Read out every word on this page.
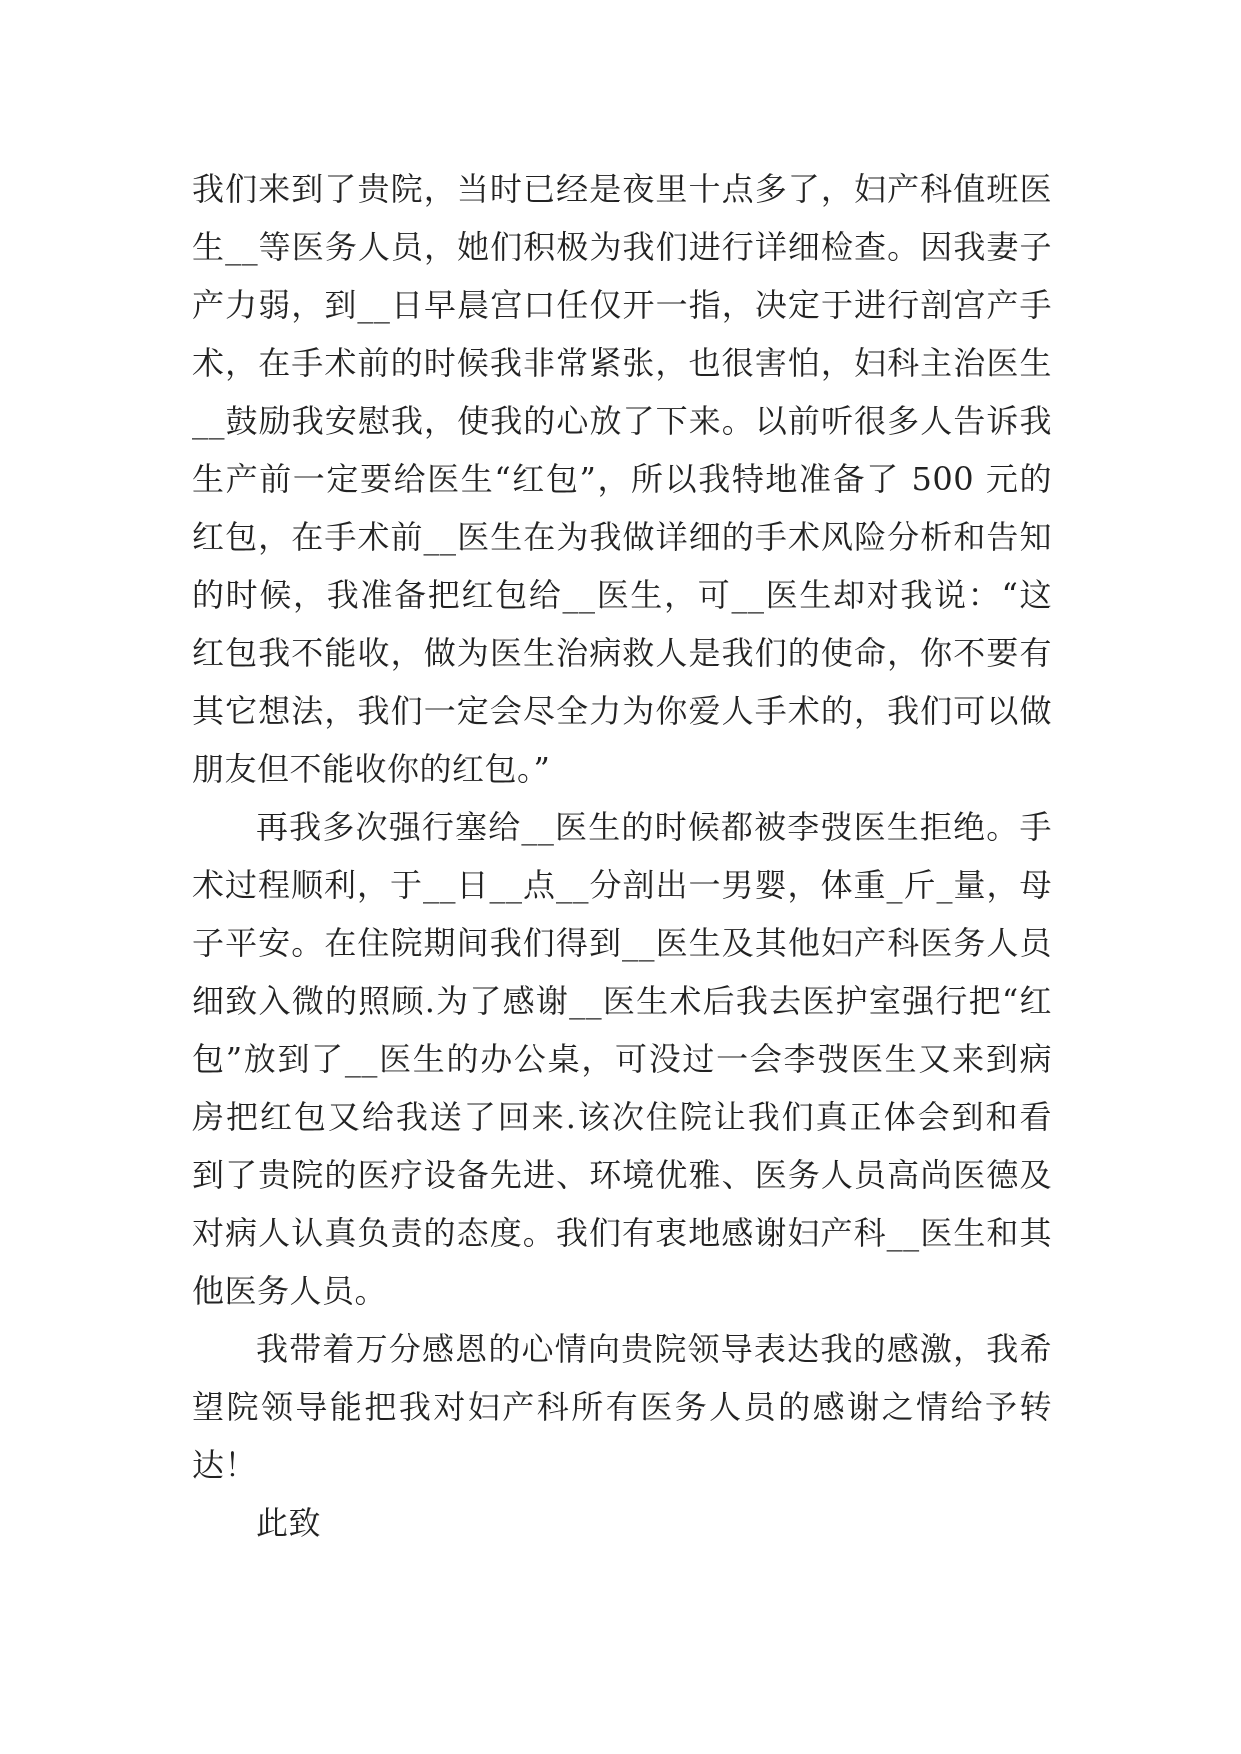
我们来到了贵院，当时已经是夜里十点多了，妇产科值班医
生__等医务人员，她们积极为我们进行详细检查。因我妻子
产力弱，到__日早晨宫口任仅开一指，决定于进行剖宫产手
术，在手术前的时候我非常紧张，也很害怕，妇科主治医生
__鼓励我安慰我，使我的心放了下来。以前听很多人告诉我
生产前一定要给医生“红包”，所以我特地准备了 500 元的
红包，在手术前__医生在为我做详细的手术风险分析和告知
的时候，我准备把红包给__医生，可__医生却对我说：“这
红包我不能收，做为医生治病救人是我们的使命，你不要有
其它想法，我们一定会尽全力为你爱人手术的，我们可以做
朋友但不能收你的红包。”
再我多次强行塞给__医生的时候都被李弢医生拒绝。手
术过程顺利，于__日__点__分剖出一男婴，体重_斤_量，母
子平安。在住院期间我们得到__医生及其他妇产科医务人员
细致入微的照顾.为了感谢__医生术后我去医护室强行把“红
包”放到了__医生的办公桌，可没过一会李弢医生又来到病
房把红包又给我送了回来.该次住院让我们真正体会到和看
到了贵院的医疗设备先进、环境优雅、医务人员高尚医德及
对病人认真负责的态度。我们有衷地感谢妇产科__医生和其
他医务人员。
我带着万分感恩的心情向贵院领导表达我的感激，我希
望院领导能把我对妇产科所有医务人员的感谢之情给予转
达！
此致
